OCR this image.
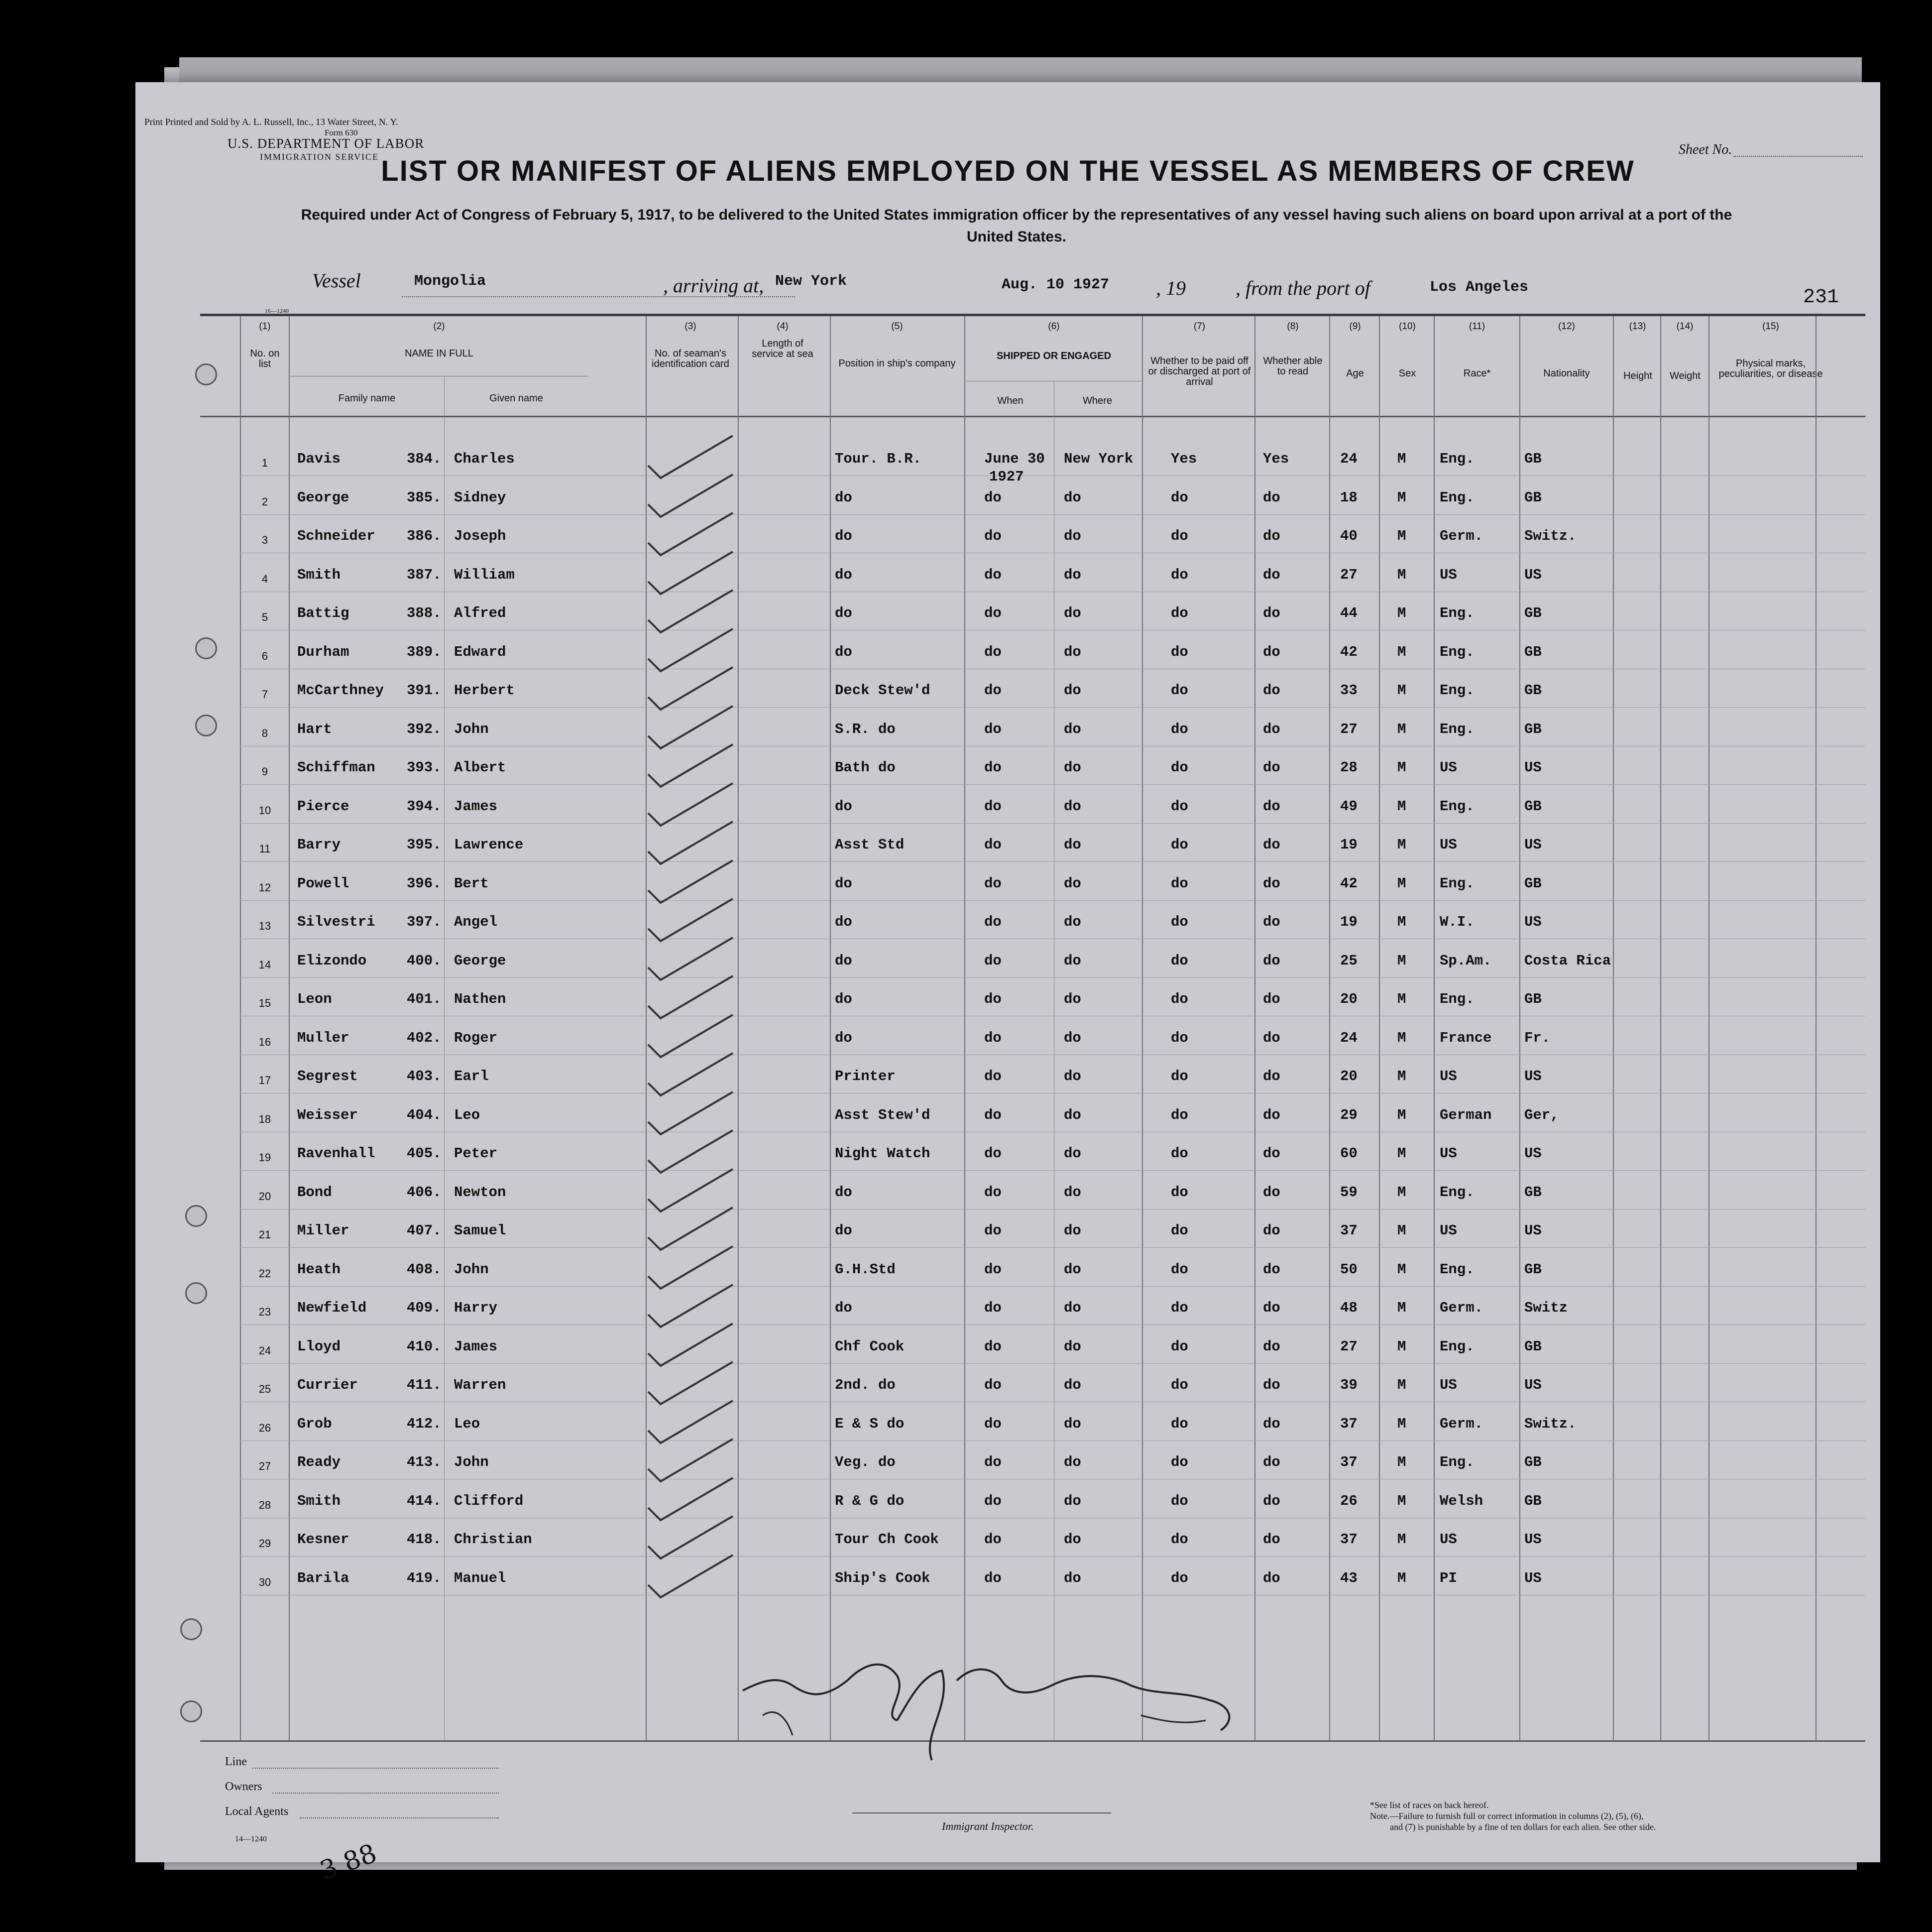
Print Printed and Sold by A. L. Russell, Inc., 13 Water Street, N. Y.
Form 630
U.S. DEPARTMENT OF LABOR
IMMIGRATION SERVICE	Sheet No.
LIST OR MANIFEST OF ALIENS EMPLOYED ON THE VESSEL AS MEMBERS OF CREW
Required under Act of Congress of February 5, 1917, to be delivered to the United States immigration officer by the representatives of any vessel having such aliens on board upon arrival at a port of the United States.
Vessel	Mongolia	, arriving at, New York	Aug. 10 1927 , 19	, from the port of	Los Angeles	231
16—1240
(1)
No. on list
(2)
NAME IN FULL
Family name	Given name
(3)
No. of seaman's identification card
(4)
Length of service at sea
(5)
Position in ship's company
(6)
SHIPPED OR ENGAGED
When	Where
(7)
Whether to be paid off or discharged at port of arrival
(8)
Whether able to read
(9)
Age
(10)
Sex
(11)
Race*
(12)
Nationality
(13)
Height
(14)
Weight
(15)
Physical marks, peculiarities, or disease
1	Davis	384. Charles	Tour. B.R.	June 30 New York	Yes	Yes	24	M Eng.	GB
1927
2	George	385. Sidney	do	do	do	do	do	18	M Eng.	GB
3	Schneider 386. Joseph	do	do	do	do	do	40	M Germ.	Switz.
4	Smith	387. William	do	do	do	do	do	27	M US	US
5	Battig	388. Alfred	do	do	do	do	do	44	M Eng.	GB
6	Durham	389. Edward	do	do	do	do	do	42	M Eng.	GB
7	McCarthney 391. Herbert	Deck Stew'd	do	do	do	do	33	M Eng.	GB
8	Hart	392. John	S.R. do	do	do	do	do	27	M Eng.	GB
9	Schiffman 393. Albert	Bath do	do	do	do	do	28	M US	US
10 Pierce	394. James	do	do	do	do	do	49	M Eng.	GB
11 Barry	395. Lawrence	Asst Std	do	do	do	do	19	M US	US
12 Powell	396. Bert	do	do	do	do	do	42	M Eng.	GB
13 Silvestri 397. Angel	do	do	do	do	do	19	M W.I.	US
14 Elizondo	400. George	do	do	do	do	do	25	M Sp.Am. Costa Rica
15 Leon	401. Nathen	do	do	do	do	do	20	M Eng.	GB
16 Muller	402. Roger	do	do	do	do	do	24	M France Fr.
17 Segrest	403. Earl	Printer	do	do	do	do	20	M US	US
18 Weisser	404. Leo	Asst Stew'd	do	do	do	do	29	M German Ger,
19 Ravenhall 405. Peter	Night Watch	do	do	do	do	60	M US	US
20 Bond	406. Newton	do	do	do	do	do	59	M Eng.	GB
21 Miller	407. Samuel	do	do	do	do	do	37	M US	US
22 Heath	408. John	G.H.Std	do	do	do	do	50	M Eng.	GB
23 Newfield	409. Harry	do	do	do	do	do	48	M Germ.	Switz
24 Lloyd	410. James	Chf Cook	do	do	do	do	27	M Eng.	GB
25 Currier	411. Warren	2nd. do	do	do	do	do	39	M US	US
26 Grob	412. Leo	E & S do	do	do	do	do	37	M Germ.	Switz.
27 Ready	413. John	Veg. do	do	do	do	do	37	M Eng.	GB
28 Smith	414. Clifford	R & G do	do	do	do	do	26	M Welsh	GB
29 Kesner	418. Christian	Tour Ch Cook	do	do	do	do	37	M US	US
30 Barila	419. Manuel	Ship's Cook	do	do	do	do	43	M PI	US
Line
Owners
Local Agents
14—1240 3 88
Immigrant Inspector.
*See list of races on back hereof.
Note.—Failure to furnish full or correct information in columns (2), (5), (6),
and (7) is punishable by a fine of ten dollars for each alien. See other side.
